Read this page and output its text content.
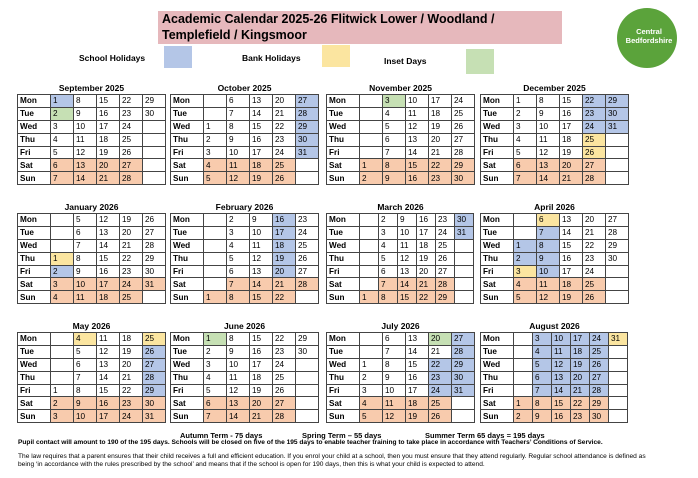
Academic Calendar 2025-26 Flitwick Lower / Woodland /
Templefield / Kingsmoor	Central
Bedfordshire
School Holidays	Bank Holidays	Inset Days
September 2025
Mon	1	8	15	22	29
Tue	2	9	16	23	30
Wed	3	10	17	24	
Thu	4	11	18	25	
Fri	5	12	19	26	
Sat	6	13	20	27	
Sun	7	14	21	28	
October 2025
Mon		6	13	20	27
Tue		7	14	21	28
Wed	1	8	15	22	29
Thu	2	9	16	23	30
Fri	3	10	17	24	31
Sat	4	11	18	25	
Sun	5	12	19	26	
November 2025
Mon		3	10	17	24
Tue		4	11	18	25
Wed		5	12	19	26
Thu		6	13	20	27
Fri		7	14	21	28
Sat	1	8	15	22	29
Sun	2	9	16	23	30
December 2025
Mon	1	8	15	22	29
Tue	2	9	16	23	30
Wed	3	10	17	24	31
Thu	4	11	18	25	
Fri	5	12	19	26	
Sat	6	13	20	27	
Sun	7	14	21	28	
January 2026
Mon		5	12	19	26
Tue		6	13	20	27
Wed		7	14	21	28
Thu	1	8	15	22	29
Fri	2	9	16	23	30
Sat	3	10	17	24	31
Sun	4	11	18	25	
February 2026
Mon		2	9	16	23
Tue		3	10	17	24
Wed		4	11	18	25
Thu		5	12	19	26
Fri		6	13	20	27
Sat		7	14	21	28
Sun	1	8	15	22	
March 2026
Mon		2	9	16	23	30
Tue		3	10	17	24	31
Wed		4	11	18	25	
Thu		5	12	19	26	
Fri		6	13	20	27	
Sat		7	14	21	28	
Sun	1	8	15	22	29	
April 2026
Mon		6	13	20	27
Tue		7	14	21	28
Wed	1	8	15	22	29
Thu	2	9	16	23	30
Fri	3	10	17	24	
Sat	4	11	18	25	
Sun	5	12	19	26	
May 2026
Mon		4	11	18	25
Tue		5	12	19	26
Wed		6	13	20	27
Thu		7	14	21	28
Fri	1	8	15	22	29
Sat	2	9	16	23	30
Sun	3	10	17	24	31
June 2026
Mon	1	8	15	22	29
Tue	2	9	16	23	30
Wed	3	10	17	24	
Thu	4	11	18	25	
Fri	5	12	19	26	
Sat	6	13	20	27	
Sun	7	14	21	28	
July 2026
Mon		6	13	20	27
Tue		7	14	21	28
Wed	1	8	15	22	29
Thu	2	9	16	23	30
Fri	3	10	17	24	31
Sat	4	11	18	25	
Sun	5	12	19	26	
August 2026
Mon		3	10	17	24	31
Tue		4	11	18	25	
Wed		5	12	19	26	
Thu		6	13	20	27	
Fri		7	14	21	28	
Sat	1	8	15	22	29	
Sun	2	9	16	23	30	
Autumn Term - 75 days	Spring Term – 55 days	Summer Term 65 days = 195 days
Pupil contact will amount to 190 of the 195 days. Schools will be closed on five of the 195 days to enable teacher training to take place in accordance with Teachers’ Conditions of Service.
The law requires that a parent ensures that their child receives a full and efficient education. If you enrol your child at a school, then you must ensure that they attend regularly. Regular school attendance is defined as
being ‘in accordance with the rules prescribed by the school’ and means that if the school is open for 190 days, then this is what your child is expected to attend.
